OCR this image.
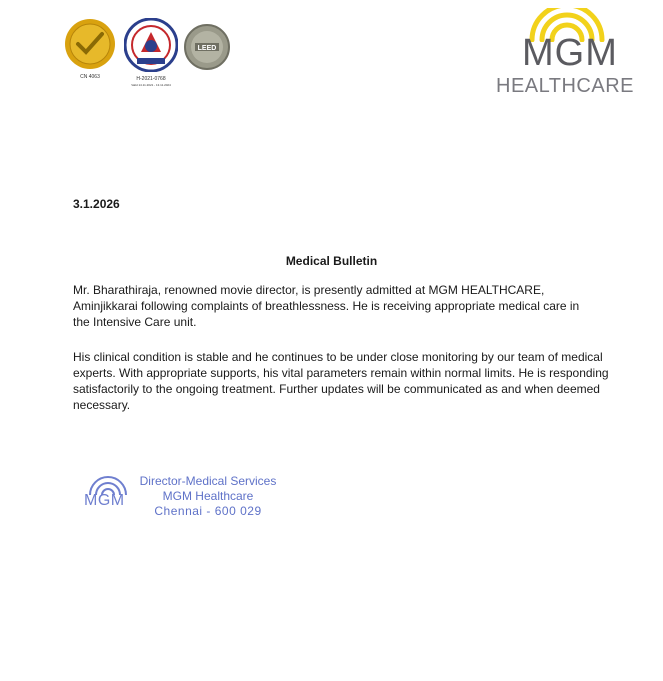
CN 4063	H-2021-0768
Valid 14.11.2021 - 13.11.2024
LEED	MGM
HEALTHCARE
3.1.2026
Medical Bulletin
Mr. Bharathiraja, renowned movie director, is presently admitted at MGM HEALTHCARE, Aminjikkarai following complaints of breathlessness. He is receiving appropriate medical care in the Intensive Care unit.
His clinical condition is stable and he continues to be under close monitoring by our team of medical experts. With appropriate supports, his vital parameters remain within normal limits. He is responding satisfactorily to the ongoing treatment. Further updates will be communicated as and when deemed necessary.
MGM
Director-Medical Services
MGM Healthcare
Chennai - 600 029
